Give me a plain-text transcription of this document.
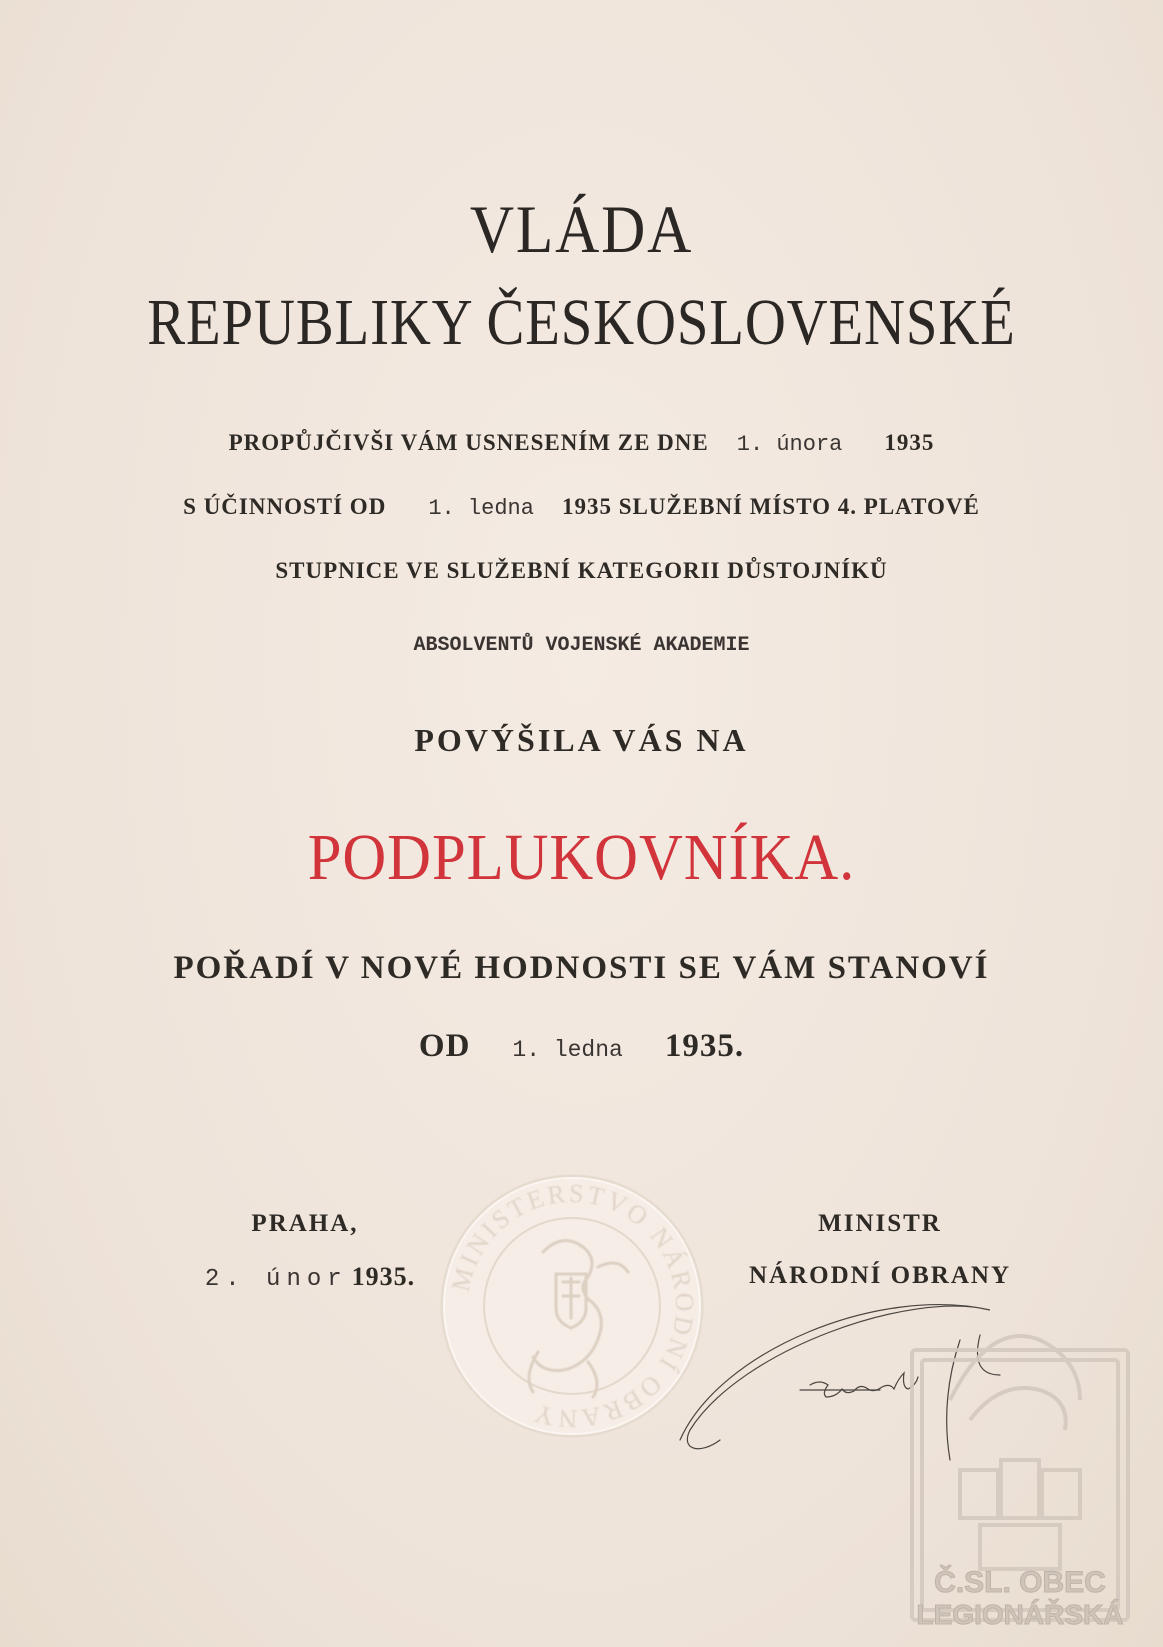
VLÁDA
REPUBLIKY ČESKOSLOVENSKÉ
PROPŮJČIVŠI VÁM USNESENÍM ZE DNE 1. února 1935
S ÚČINNOSTÍ OD 1. ledna 1935 SLUŽEBNÍ MÍSTO 4. PLATOVÉ
STUPNICE VE SLUŽEBNÍ KATEGORII DŮSTOJNÍKŮ
ABSOLVENTŮ VOJENSKÉ AKADEMIE
POVÝŠILA VÁS NA
PODPLUKOVNÍKA.
POŘADÍ V NOVÉ HODNOSTI SE VÁM STANOVÍ
OD 1. ledna 1935.
MINISTERSTVO NÁRODNÍ OBRANY
PRAHA,
2. únor 1935.
MINISTR
NÁRODNÍ OBRANY
Č.SL. OBEC
LEGIONÁŘSKÁ
